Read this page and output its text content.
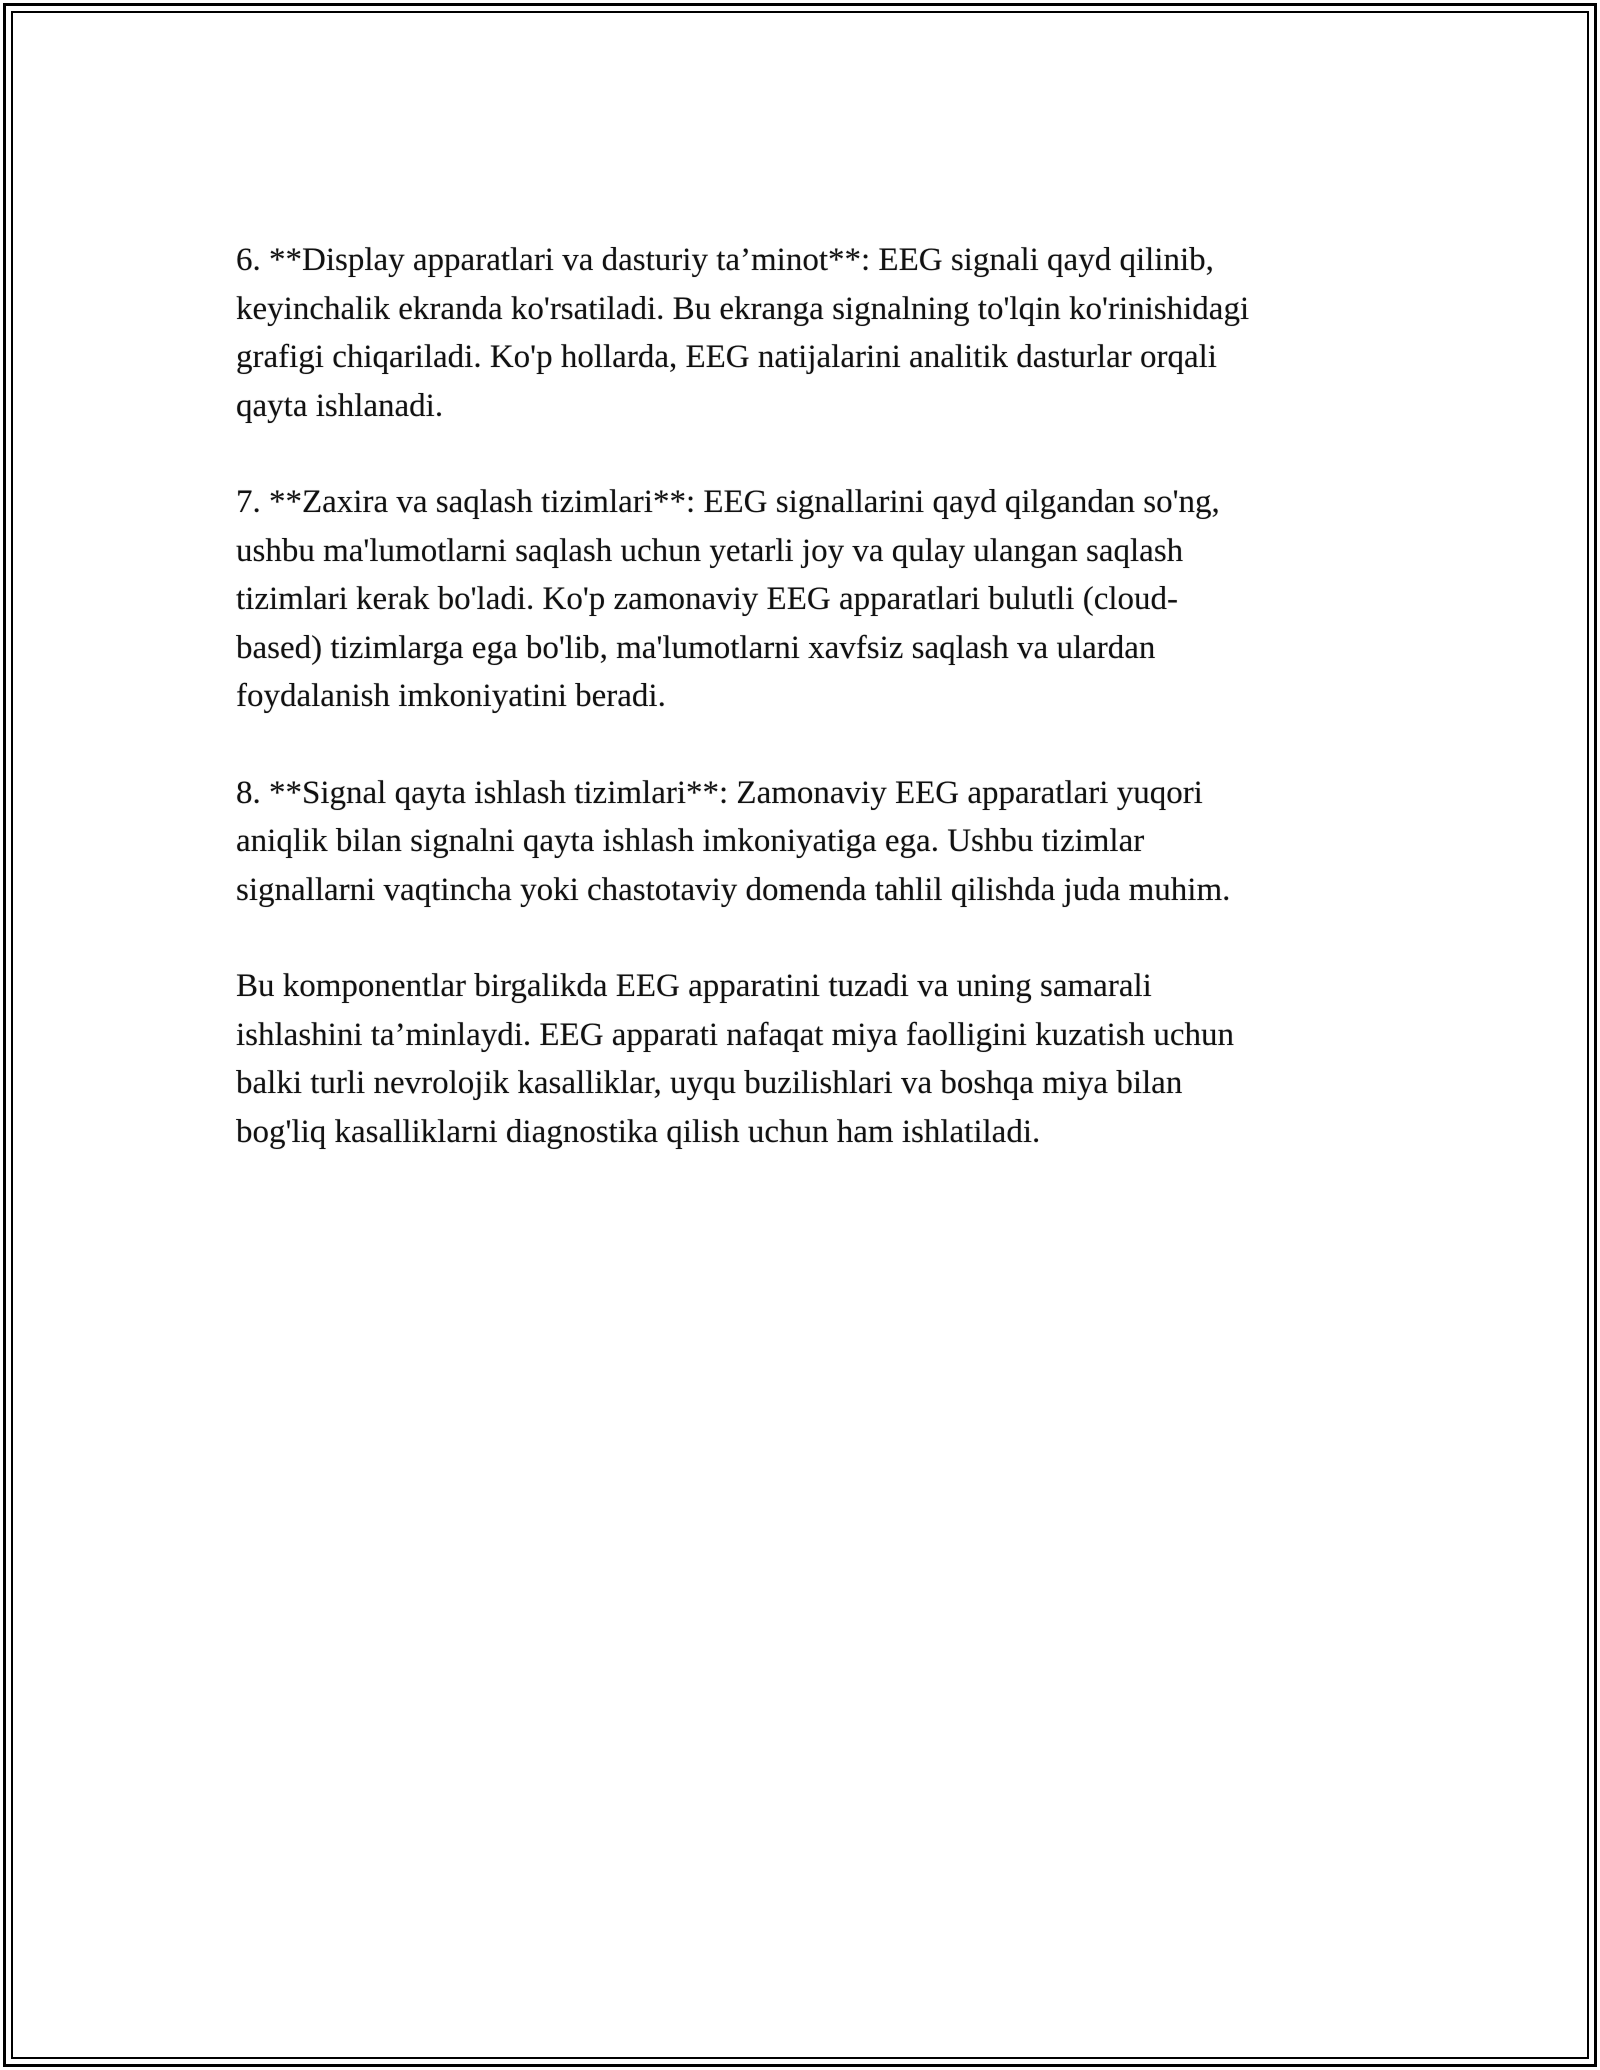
6. **Display apparatlari va dasturiy ta’minot**: EEG signali qayd qilinib,
keyinchalik ekranda ko'rsatiladi. Bu ekranga signalning to'lqin ko'rinishidagi
grafigi chiqariladi. Ko'p hollarda, EEG natijalarini analitik dasturlar orqali
qayta ishlanadi.

7. **Zaxira va saqlash tizimlari**: EEG signallarini qayd qilgandan so'ng,
ushbu ma'lumotlarni saqlash uchun yetarli joy va qulay ulangan saqlash
tizimlari kerak bo'ladi. Ko'p zamonaviy EEG apparatlari bulutli (cloud-
based) tizimlarga ega bo'lib, ma'lumotlarni xavfsiz saqlash va ulardan
foydalanish imkoniyatini beradi.

8. **Signal qayta ishlash tizimlari**: Zamonaviy EEG apparatlari yuqori
aniqlik bilan signalni qayta ishlash imkoniyatiga ega. Ushbu tizimlar
signallarni vaqtincha yoki chastotaviy domenda tahlil qilishda juda muhim.

Bu komponentlar birgalikda EEG apparatini tuzadi va uning samarali
ishlashini ta’minlaydi. EEG apparati nafaqat miya faolligini kuzatish uchun
balki turli nevrolojik kasalliklar, uyqu buzilishlari va boshqa miya bilan
bog'liq kasalliklarni diagnostika qilish uchun ham ishlatiladi.
